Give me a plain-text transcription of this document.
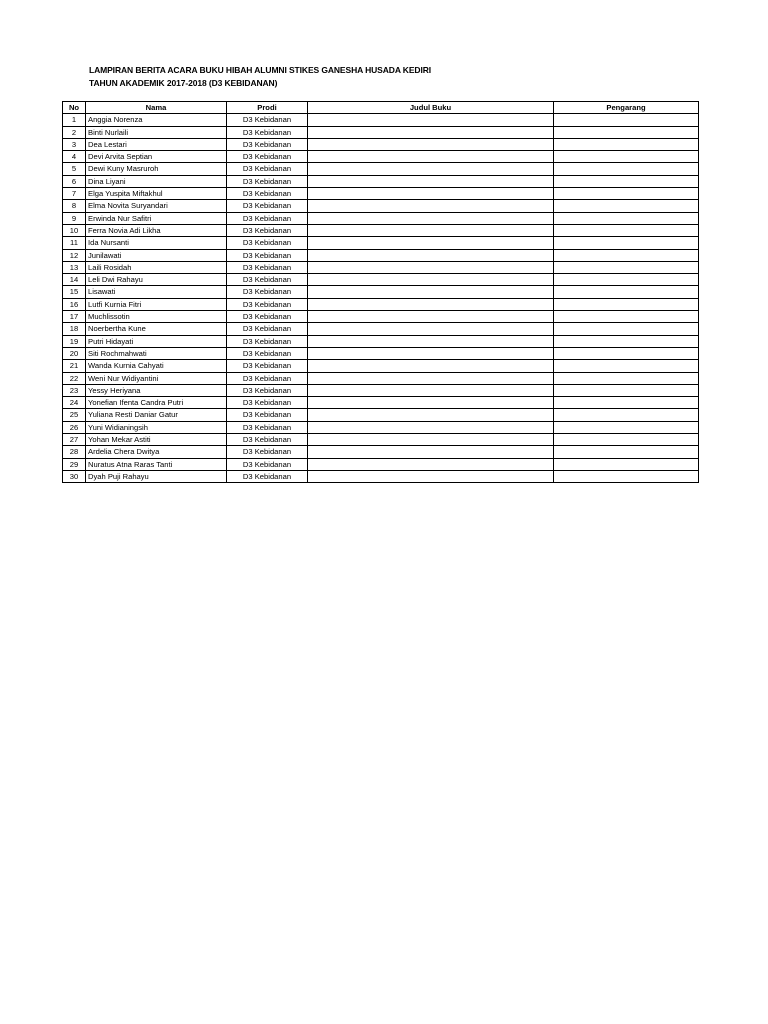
LAMPIRAN BERITA ACARA BUKU HIBAH ALUMNI STIKES GANESHA HUSADA KEDIRI
TAHUN AKADEMIK 2017-2018 (D3 KEBIDANAN)
No	Nama	Prodi	Judul Buku	Pengarang
1	Anggia Norenza	D3 Kebidanan		
2	Binti Nurlaili	D3 Kebidanan		
3	Dea Lestari	D3 Kebidanan		
4	Devi Arvita Septian	D3 Kebidanan		
5	Dewi Kuny Masruroh	D3 Kebidanan		
6	Dina Liyani	D3 Kebidanan		
7	Elga Yuspita Miftakhul	D3 Kebidanan		
8	Elma Novita Suryandari	D3 Kebidanan		
9	Erwinda Nur Safitri	D3 Kebidanan		
10	Ferra Novia Adi Likha	D3 Kebidanan		
11	Ida Nursanti	D3 Kebidanan		
12	Junilawati	D3 Kebidanan		
13	Laili Rosidah	D3 Kebidanan		
14	Leli Dwi Rahayu	D3 Kebidanan		
15	Lisawati	D3 Kebidanan		
16	Lutfi Kurnia Fitri	D3 Kebidanan		
17	Muchlissotin	D3 Kebidanan		
18	Noerbertha Kune	D3 Kebidanan		
19	Putri Hidayati	D3 Kebidanan		
20	Siti Rochmahwati	D3 Kebidanan		
21	Wanda Kurnia Cahyati	D3 Kebidanan		
22	Weni Nur Widiyantini	D3 Kebidanan		
23	Yessy Heriyana	D3 Kebidanan		
24	Yonefian Ifenta Candra Putri	D3 Kebidanan		
25	Yuliana Resti Daniar Gatur	D3 Kebidanan		
26	Yuni Widianingsih	D3 Kebidanan		
27	Yohan Mekar Astiti	D3 Kebidanan		
28	Ardelia Chera Dwitya	D3 Kebidanan		
29	Nuratus Atna Raras Tanti	D3 Kebidanan		
30	Dyah Puji Rahayu	D3 Kebidanan		
